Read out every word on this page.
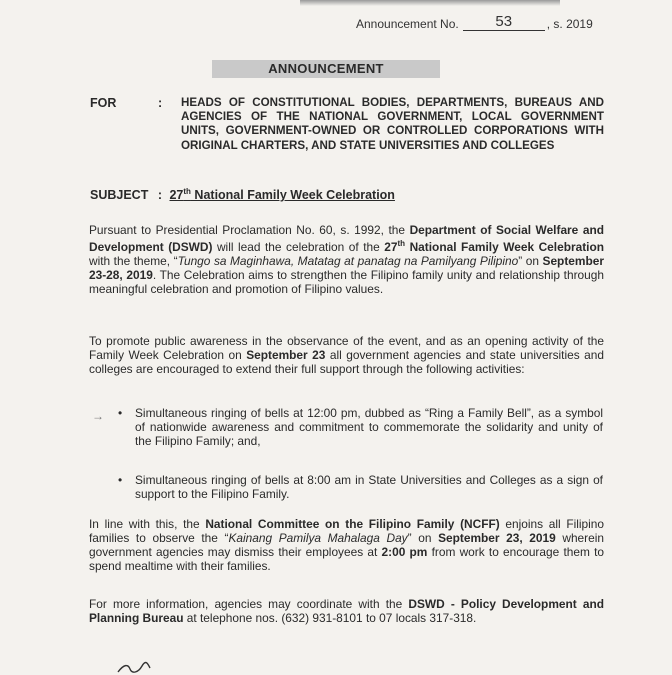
Announcement No.	53	, s. 2019
ANNOUNCEMENT
FOR	: HEADS OF CONSTITUTIONAL BODIES, DEPARTMENTS, BUREAUS AND AGENCIES OF THE NATIONAL GOVERNMENT, LOCAL GOVERNMENT UNITS, GOVERNMENT-OWNED OR CONTROLLED CORPORATIONS WITH ORIGINAL CHARTERS, AND STATE UNIVERSITIES AND COLLEGES
SUBJECT : 27th National Family Week Celebration
Pursuant to Presidential Proclamation No. 60, s. 1992, the Department of Social Welfare and Development (DSWD) will lead the celebration of the 27th National Family Week Celebration with the theme, “Tungo sa Maginhawa, Matatag at panatag na Pamilyang Pilipino” on September 23-28, 2019. The Celebration aims to strengthen the Filipino family unity and relationship through meaningful celebration and promotion of Filipino values.
To promote public awareness in the observance of the event, and as an opening activity of the Family Week Celebration on September 23 all government agencies and state universities and colleges are encouraged to extend their full support through the following activities:
→ • Simultaneous ringing of bells at 12:00 pm, dubbed as “Ring a Family Bell”, as a symbol of nationwide awareness and commitment to commemorate the solidarity and unity of the Filipino Family; and,
• Simultaneous ringing of bells at 8:00 am in State Universities and Colleges as a sign of support to the Filipino Family.
In line with this, the National Committee on the Filipino Family (NCFF) enjoins all Filipino families to observe the “Kainang Pamilya Mahalaga Day” on September 23, 2019 wherein government agencies may dismiss their employees at 2:00 pm from work to encourage them to spend mealtime with their families.
For more information, agencies may coordinate with the DSWD - Policy Development and Planning Bureau at telephone nos. (632) 931-8101 to 07 locals 317-318.
